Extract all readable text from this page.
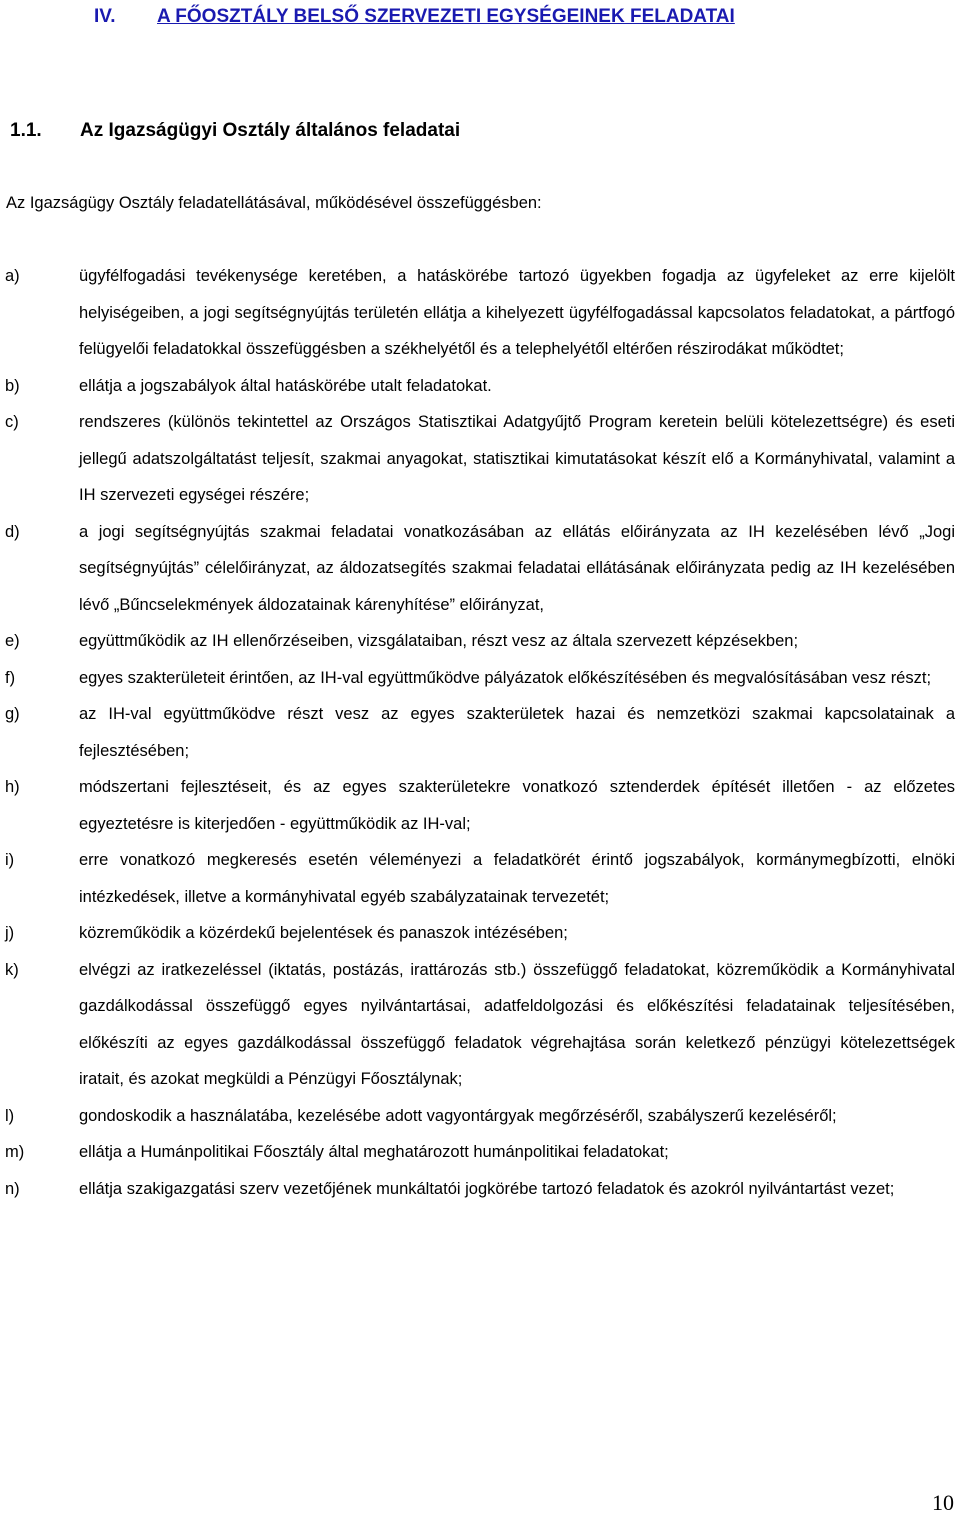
IV. A FŐOSZTÁLY BELSŐ SZERVEZETI EGYSÉGEINEK FELADATAI
1.1. Az Igazságügyi Osztály általános feladatai
Az Igazságügy Osztály feladatellátásával, működésével összefüggésben:
a)	ügyfélfogadási tevékenysége keretében, a hatáskörébe tartozó ügyekben fogadja az ügyfeleket az erre kijelölt helyiségeiben, a jogi segítségnyújtás területén ellátja a kihelyezett ügyfélfogadással kapcsolatos feladatokat, a pártfogó felügyelői feladatokkal összefüggésben a székhelyétől és a telephelyétől eltérően részirodákat működtet;
b)	ellátja a jogszabályok által hatáskörébe utalt feladatokat.
c)	rendszeres (különös tekintettel az Országos Statisztikai Adatgyűjtő Program keretein belüli kötelezettségre) és eseti jellegű adatszolgáltatást teljesít, szakmai anyagokat, statisztikai kimutatásokat készít elő a Kormányhivatal, valamint a IH szervezeti egységei részére;
d)	a jogi segítségnyújtás szakmai feladatai vonatkozásában az ellátás előirányzata az IH kezelésében lévő „Jogi segítségnyújtás” célelőirányzat, az áldozatsegítés szakmai feladatai ellátásának előirányzata pedig az IH kezelésében lévő „Bűncselekmények áldozatainak kárenyhítése” előirányzat,
e)	együttműködik az IH ellenőrzéseiben, vizsgálataiban, részt vesz az általa szervezett képzésekben;
f)	egyes szakterületeit érintően, az IH-val együttműködve pályázatok előkészítésében és megvalósításában vesz részt;
g)	az IH-val együttműködve részt vesz az egyes szakterületek hazai és nemzetközi szakmai kapcsolatainak a fejlesztésében;
h)	módszertani fejlesztéseit, és az egyes szakterületekre vonatkozó sztenderdek építését illetően - az előzetes egyeztetésre is kiterjedően - együttműködik az IH-val;
i)	erre vonatkozó megkeresés esetén véleményezi a feladatkörét érintő jogszabályok, kormánymegbízotti, elnöki intézkedések, illetve a kormányhivatal egyéb szabályzatainak tervezetét;
j)	közreműködik a közérdekű bejelentések és panaszok intézésében;
k)	elvégzi az iratkezeléssel (iktatás, postázás, irattározás stb.) összefüggő feladatokat, közreműködik a Kormányhivatal gazdálkodással összefüggő egyes nyilvántartásai, adatfeldolgozási és előkészítési feladatainak teljesítésében, előkészíti az egyes gazdálkodással összefüggő feladatok végrehajtása során keletkező pénzügyi kötelezettségek iratait, és azokat megküldi a Pénzügyi Főosztálynak;
l)	gondoskodik a használatába, kezelésébe adott vagyontárgyak megőrzéséről, szabályszerű kezeléséről;
m)	ellátja a Humánpolitikai Főosztály által meghatározott humánpolitikai feladatokat;
n)	ellátja szakigazgatási szerv vezetőjének munkáltatói jogkörébe tartozó feladatok és azokról nyilvántartást vezet;
10
